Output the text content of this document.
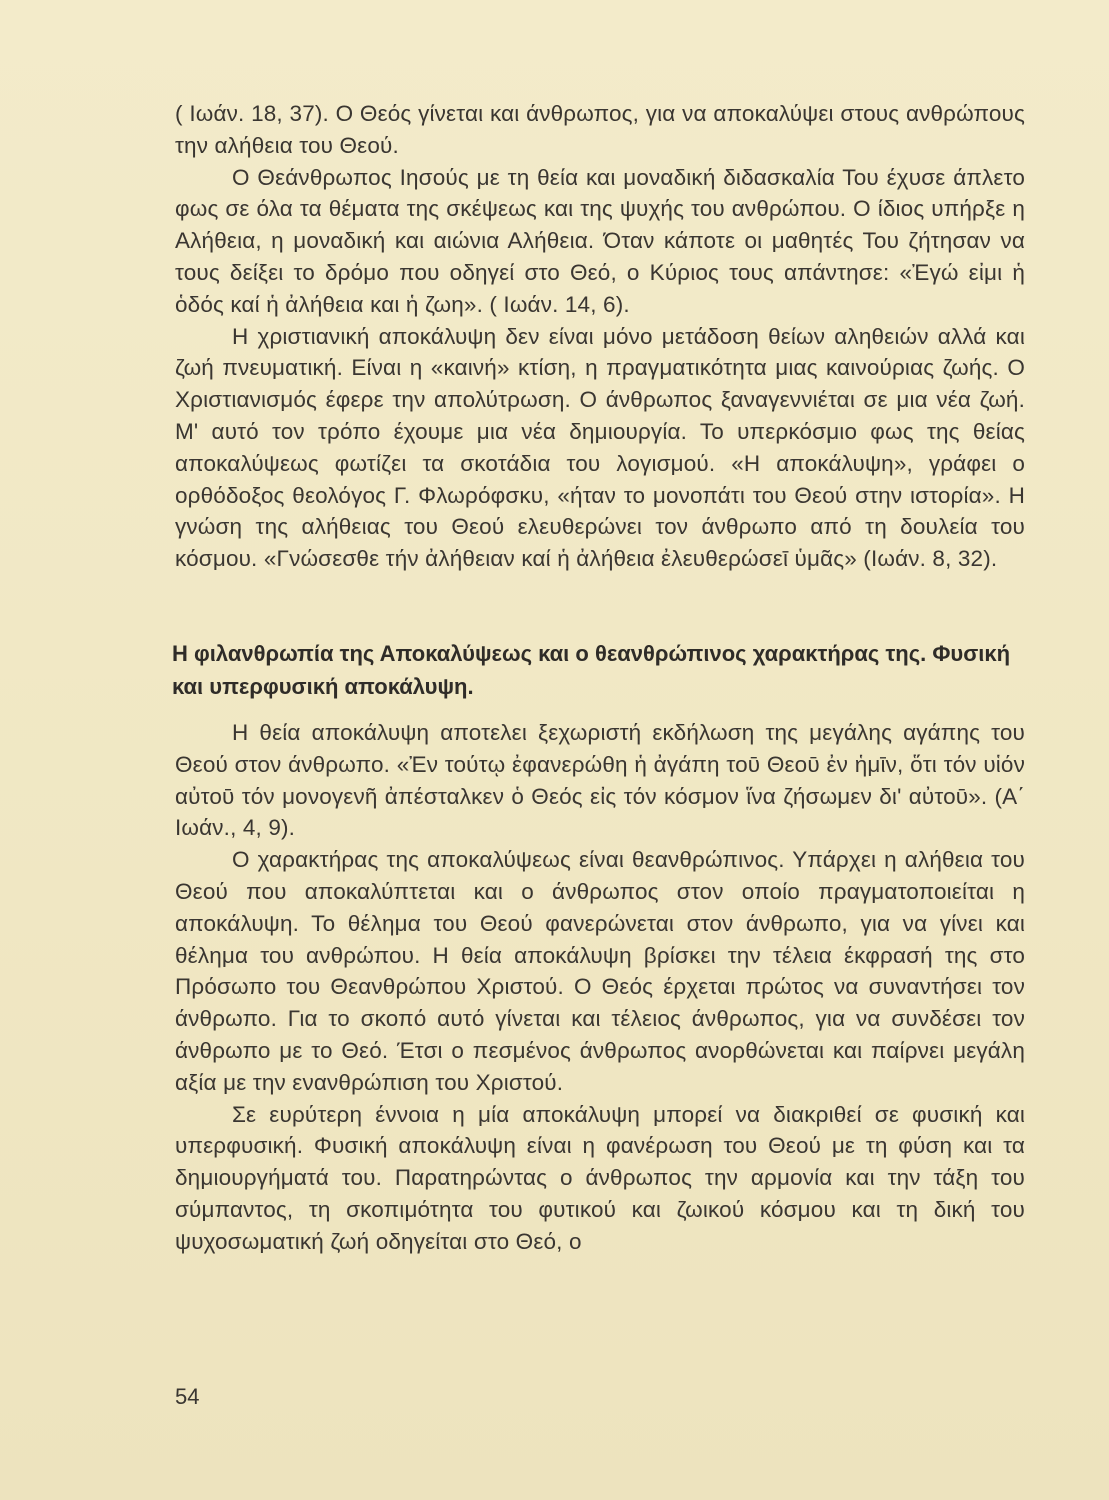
( Ιωάν. 18, 37). Ο Θεός γίνεται και άνθρωπος, για να αποκαλύψει στους ανθρώπους την αλήθεια του Θεού.

Ο Θεάνθρωπος Ιησούς με τη θεία και μοναδική διδασκαλία Του έχυσε άπλετο φως σε όλα τα θέματα της σκέψεως και της ψυχής του ανθρώπου. Ο ίδιος υπήρξε η Αλήθεια, η μοναδική και αιώνια Αλήθεια. Όταν κάποτε οι μαθητές Του ζήτησαν να τους δείξει το δρόμο που οδηγεί στο Θεό, ο Κύριος τους απάντησε: «Ἐγώ εἰμι ἡ ὁδός καί ἡ ἀλήθεια και ἡ ζωη». ( Ιωάν. 14, 6).

Η χριστιανική αποκάλυψη δεν είναι μόνο μετάδοση θείων αληθειών αλλά και ζωή πνευματική. Είναι η «καινή» κτίση, η πραγματικότητα μιας καινούριας ζωής. Ο Χριστιανισμός έφερε την απολύτρωση. Ο άνθρωπος ξαναγεννιέται σε μια νέα ζωή. Μ' αυτό τον τρόπο έχουμε μια νέα δημιουργία. Το υπερκόσμιο φως της θείας αποκαλύψεως φωτίζει τα σκοτάδια του λογισμού. «Η αποκάλυψη», γράφει ο ορθόδοξος θεολόγος Γ. Φλωρόφσκυ, «ήταν το μονοπάτι του Θεού στην ιστορία». Η γνώση της αλήθειας του Θεού ελευθερώνει τον άνθρωπο από τη δουλεία του κόσμου. «Γνώσεσθε τήν ἀλήθειαν καί ἡ ἀλήθεια ἐλευθερώσεῑ ὑμᾶς» (Ιωάν. 8, 32).

Η φιλανθρωπία της Αποκαλύψεως και ο θεανθρώπινος χαρακτήρας της. Φυσική και υπερφυσική αποκάλυψη.

Η θεία αποκάλυψη αποτελει ξεχωριστή εκδήλωση της μεγάλης αγάπης του Θεού στον άνθρωπο. «Ἐν τούτῳ ἐφανερώθη ἡ ἀγάπη τοῡ Θεοῡ ἐν ἡμῑν, ὅτι τόν υἱόν αὐτοῡ τόν μονογενῆ ἀπέσταλκεν ὁ Θεός εἰς τόν κόσμον ἵνα ζήσωμεν δι' αὐτοῡ». (Α΄ Ιωάν., 4, 9).

Ο χαρακτήρας της αποκαλύψεως είναι θεανθρώπινος. Υπάρχει η αλήθεια του Θεού που αποκαλύπτεται και ο άνθρωπος στον οποίο πραγματοποιείται η αποκάλυψη. Το θέλημα του Θεού φανερώνεται στον άνθρωπο, για να γίνει και θέλημα του ανθρώπου. Η θεία αποκάλυψη βρίσκει την τέλεια έκφρασή της στο Πρόσωπο του Θεανθρώπου Χριστού. Ο Θεός έρχεται πρώτος να συναντήσει τον άνθρωπο. Για το σκοπό αυτό γίνεται και τέλειος άνθρωπος, για να συνδέσει τον άνθρωπο με το Θεό. Έτσι ο πεσμένος άνθρωπος ανορθώνεται και παίρνει μεγάλη αξία με την ενανθρώπιση του Χριστού.

Σε ευρύτερη έννοια η μία αποκάλυψη μπορεί να διακριθεί σε φυσική και υπερφυσική. Φυσική αποκάλυψη είναι η φανέρωση του Θεού με τη φύση και τα δημιουργήματά του. Παρατηρώντας ο άνθρωπος την αρμονία και την τάξη του σύμπαντος, τη σκοπιμότητα του φυτικού και ζωικού κόσμου και τη δική του ψυχοσωματική ζωή οδηγείται στο Θεό, ο

54
